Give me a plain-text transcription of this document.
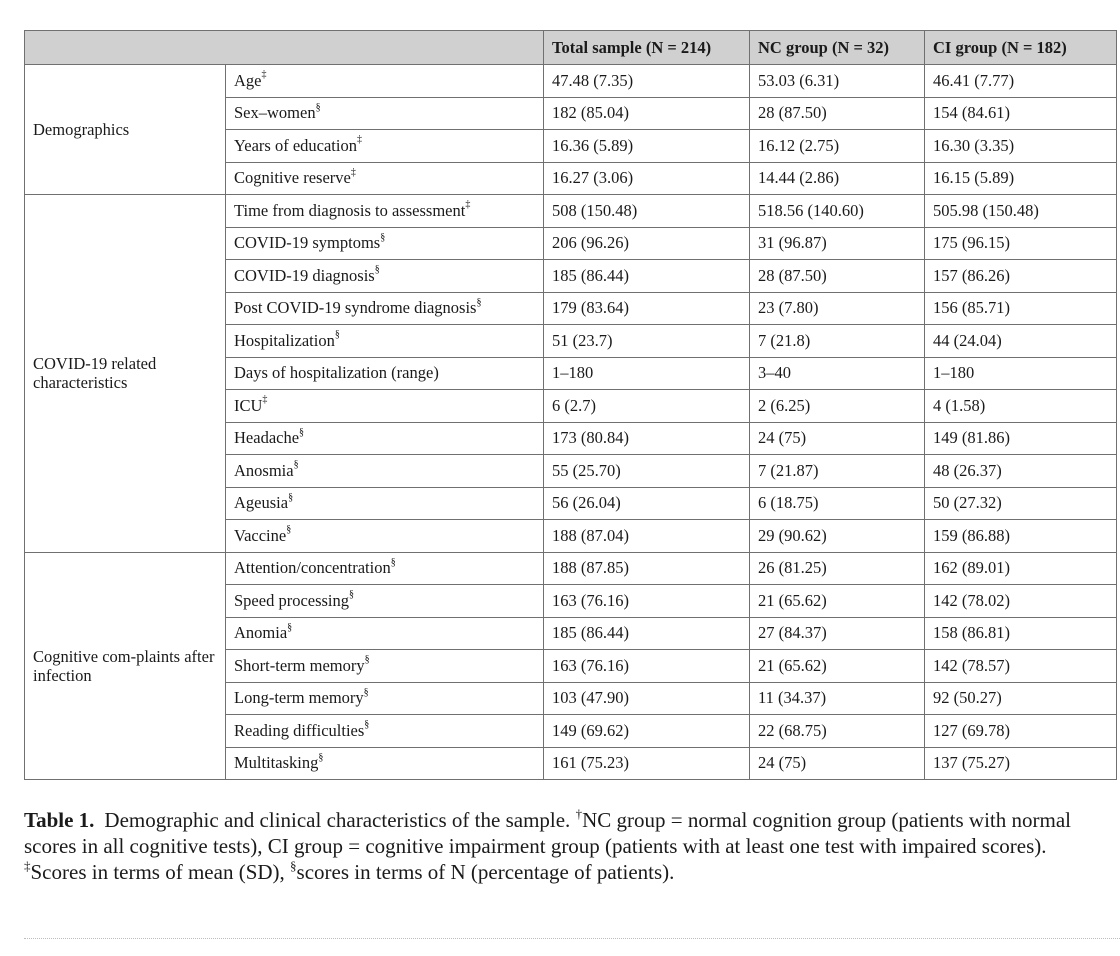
		Total sample (N = 214)	NC group (N = 32)	CI group (N = 182)
Demographics	Age‡	47.48 (7.35)	53.03 (6.31)	46.41 (7.77)
	Sex–women§	182 (85.04)	28 (87.50)	154 (84.61)
	Years of education‡	16.36 (5.89)	16.12 (2.75)	16.30 (3.35)
	Cognitive reserve‡	16.27 (3.06)	14.44 (2.86)	16.15 (5.89)
COVID-19 related characteristics	Time from diagnosis to assessment‡	508 (150.48)	518.56 (140.60)	505.98 (150.48)
	COVID-19 symptoms§	206 (96.26)	31 (96.87)	175 (96.15)
	COVID-19 diagnosis§	185 (86.44)	28 (87.50)	157 (86.26)
	Post COVID-19 syndrome diagnosis§	179 (83.64)	23 (7.80)	156 (85.71)
	Hospitalization§	51 (23.7)	7 (21.8)	44 (24.04)
	Days of hospitalization (range)	1–180	3–40	1–180
	ICU‡	6 (2.7)	2 (6.25)	4 (1.58)
	Headache§	173 (80.84)	24 (75)	149 (81.86)
	Anosmia§	55 (25.70)	7 (21.87)	48 (26.37)
	Ageusia§	56 (26.04)	6 (18.75)	50 (27.32)
	Vaccine§	188 (87.04)	29 (90.62)	159 (86.88)
Cognitive com-plaints after infection	Attention/concentration§	188 (87.85)	26 (81.25)	162 (89.01)
	Speed processing§	163 (76.16)	21 (65.62)	142 (78.02)
	Anomia§	185 (86.44)	27 (84.37)	158 (86.81)
	Short-term memory§	163 (76.16)	21 (65.62)	142 (78.57)
	Long-term memory§	103 (47.90)	11 (34.37)	92 (50.27)
	Reading difficulties§	149 (69.62)	22 (68.75)	127 (69.78)
	Multitasking§	161 (75.23)	24 (75)	137 (75.27)
Table 1. Demographic and clinical characteristics of the sample. †NC group = normal cognition group (patients with normal scores in all cognitive tests), CI group = cognitive impairment group (patients with at least one test with impaired scores). ‡Scores in terms of mean (SD), §scores in terms of N (percentage of patients).
